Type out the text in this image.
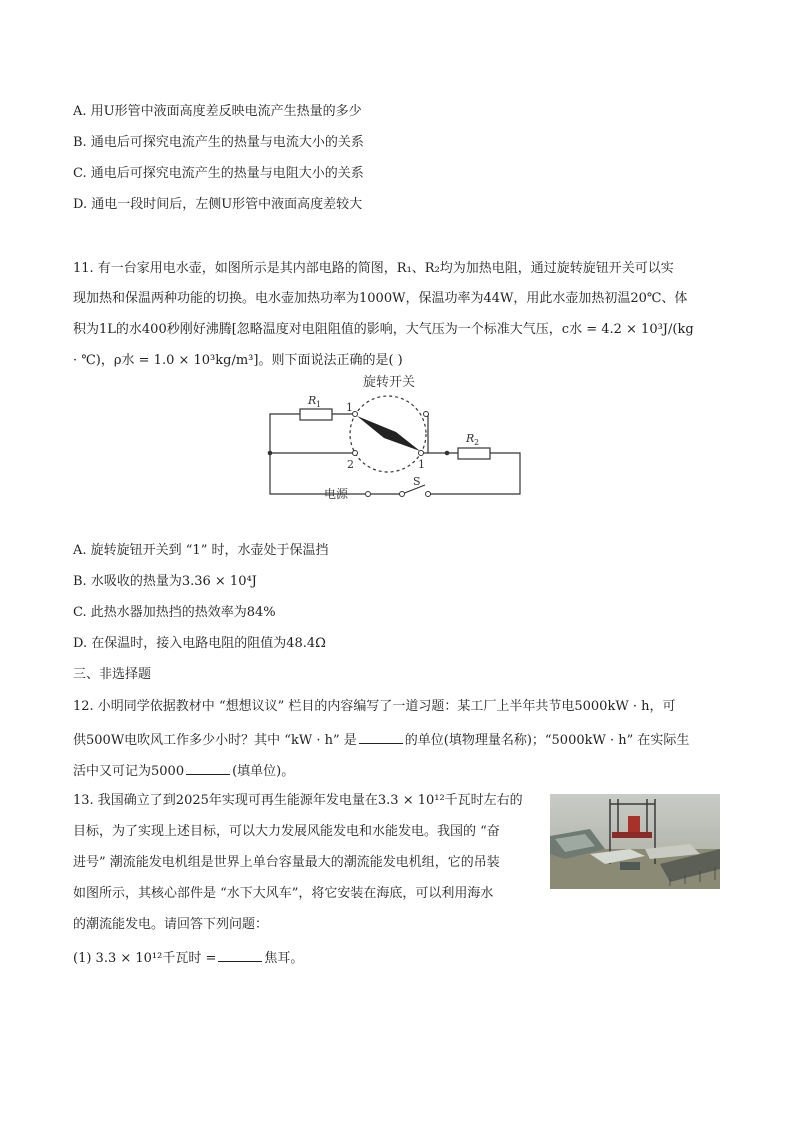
A. 用U形管中液面高度差反映电流产生热量的多少
B. 通电后可探究电流产生的热量与电流大小的关系
C. 通电后可探究电流产生的热量与电阻大小的关系
D. 通电一段时间后，左侧U形管中液面高度差较大
11. 有一台家用电水壶，如图所示是其内部电路的简图，R₁、R₂均为加热电阻，通过旋转旋钮开关可以实
现加热和保温两种功能的切换。电水壶加热功率为1000W，保温功率为44W，用此水壶加热初温20℃、体
积为1L的水400秒刚好沸腾[忽略温度对电阻阻值的影响，大气压为一个标准大气压，c水 = 4.2 × 10³J/(kg
· ℃)，ρ水 = 1.0 × 10³kg/m³]。则下面说法正确的是( )
旋转开关
R 1 1
2	1
R 2
电源
S
A. 旋转旋钮开关到 “1” 时，水壶处于保温挡
B. 水吸收的热量为3.36 × 10⁴J
C. 此热水器加热挡的热效率为84%
D. 在保温时，接入电路电阻的阻值为48.4Ω
三、非选择题
12. 小明同学依据教材中 “想想议议” 栏目的内容编写了一道习题：某工厂上半年共节电5000kW · h，可
供500W电吹风工作多少小时？其中 “kW · h” 是	的单位(填物理量名称)；“5000kW · h” 在实际生
活中又可记为5000	(填单位)。
13. 我国确立了到2025年实现可再生能源年发电量在3.3 × 10¹²千瓦时左右的
目标，为了实现上述目标，可以大力发展风能发电和水能发电。我国的 “奋
进号” 潮流能发电机组是世界上单台容量最大的潮流能发电机组，它的吊装
如图所示，其核心部件是 “水下大风车”，将它安装在海底，可以利用海水
的潮流能发电。请回答下列问题：
(1) 3.3 × 10¹²千瓦时 =	焦耳。
